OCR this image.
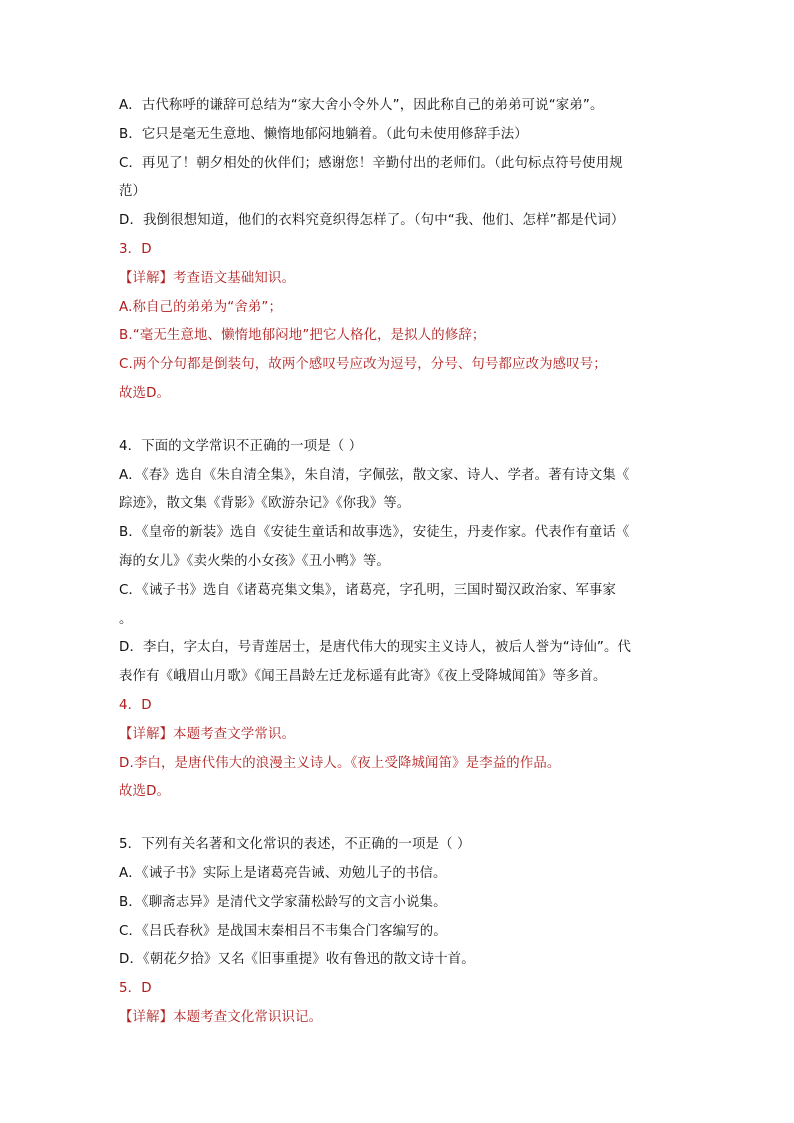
A．古代称呼的谦辞可总结为“家大舍小令外人”，因此称自己的弟弟可说“家弟”。
B．它只是毫无生意地、懒惰地郁闷地躺着。（此句未使用修辞手法）
C．再见了！朝夕相处的伙伴们；感谢您！辛勤付出的老师们。（此句标点符号使用规
范）
D．我倒很想知道，他们的衣料究竟织得怎样了。（句中“我、他们、怎样”都是代词）
3．D
【详解】考查语文基础知识。
A.称自己的弟弟为“舍弟”；
B.“毫无生意地、懒惰地郁闷地”把它人格化，是拟人的修辞；
C.两个分句都是倒装句，故两个感叹号应改为逗号，分号、句号都应改为感叹号；
故选D。
4．下面的文学常识不正确的一项是（ ）
A．《春》选自《朱自清全集》，朱自清，字佩弦，散文家、诗人、学者。著有诗文集《
踪迹》，散文集《背影》《欧游杂记》《你我》等。
B．《皇帝的新装》选自《安徒生童话和故事选》，安徒生，丹麦作家。代表作有童话《
海的女儿》《卖火柴的小女孩》《丑小鸭》等。
C．《诫子书》选自《诸葛亮集文集》，诸葛亮，字孔明，三国时蜀汉政治家、军事家
。
D．李白，字太白，号青莲居士，是唐代伟大的现实主义诗人，被后人誉为“诗仙”。代
表作有《峨眉山月歌》《闻王昌龄左迁龙标遥有此寄》《夜上受降城闻笛》等多首。
4．D
【详解】本题考查文学常识。
D.李白，是唐代伟大的浪漫主义诗人。《夜上受降城闻笛》是李益的作品。
故选D。
5．下列有关名著和文化常识的表述，不正确的一项是（ ）
A．《诫子书》实际上是诸葛亮告诫、劝勉儿子的书信。
B．《聊斋志异》是清代文学家蒲松龄写的文言小说集。
C．《吕氏春秋》是战国末秦相吕不韦集合门客编写的。
D．《朝花夕拾》又名《旧事重提》收有鲁迅的散文诗十首。
5．D
【详解】本题考查文化常识识记。
